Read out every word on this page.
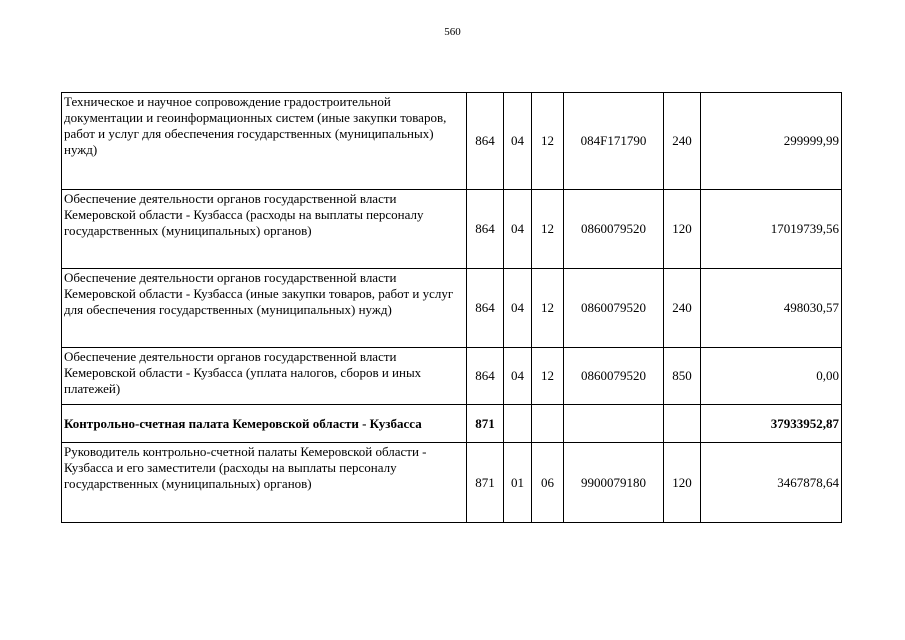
560
Техническое и научное сопровождение градостроительной документации и геоинформационных систем (иные закупки товаров, работ и услуг для обеспечения государственных (муниципальных) нужд)	864	04	12	084F171790	240	299999,99
Обеспечение деятельности органов государственной власти Кемеровской области - Кузбасса (расходы на выплаты персоналу государственных (муниципальных) органов)	864	04	12	0860079520	120	17019739,56
Обеспечение деятельности органов государственной власти Кемеровской области - Кузбасса (иные закупки товаров, работ и услуг для обеспечения государственных (муниципальных) нужд)	864	04	12	0860079520	240	498030,57
Обеспечение деятельности органов государственной власти Кемеровской области - Кузбасса (уплата налогов, сборов и иных платежей)	864	04	12	0860079520	850	0,00
Контрольно-счетная палата Кемеровской области - Кузбасса	871					37933952,87
Руководитель контрольно-счетной палаты Кемеровской области - Кузбасса и его заместители (расходы на выплаты персоналу государственных (муниципальных) органов)	871	01	06	9900079180	120	3467878,64
